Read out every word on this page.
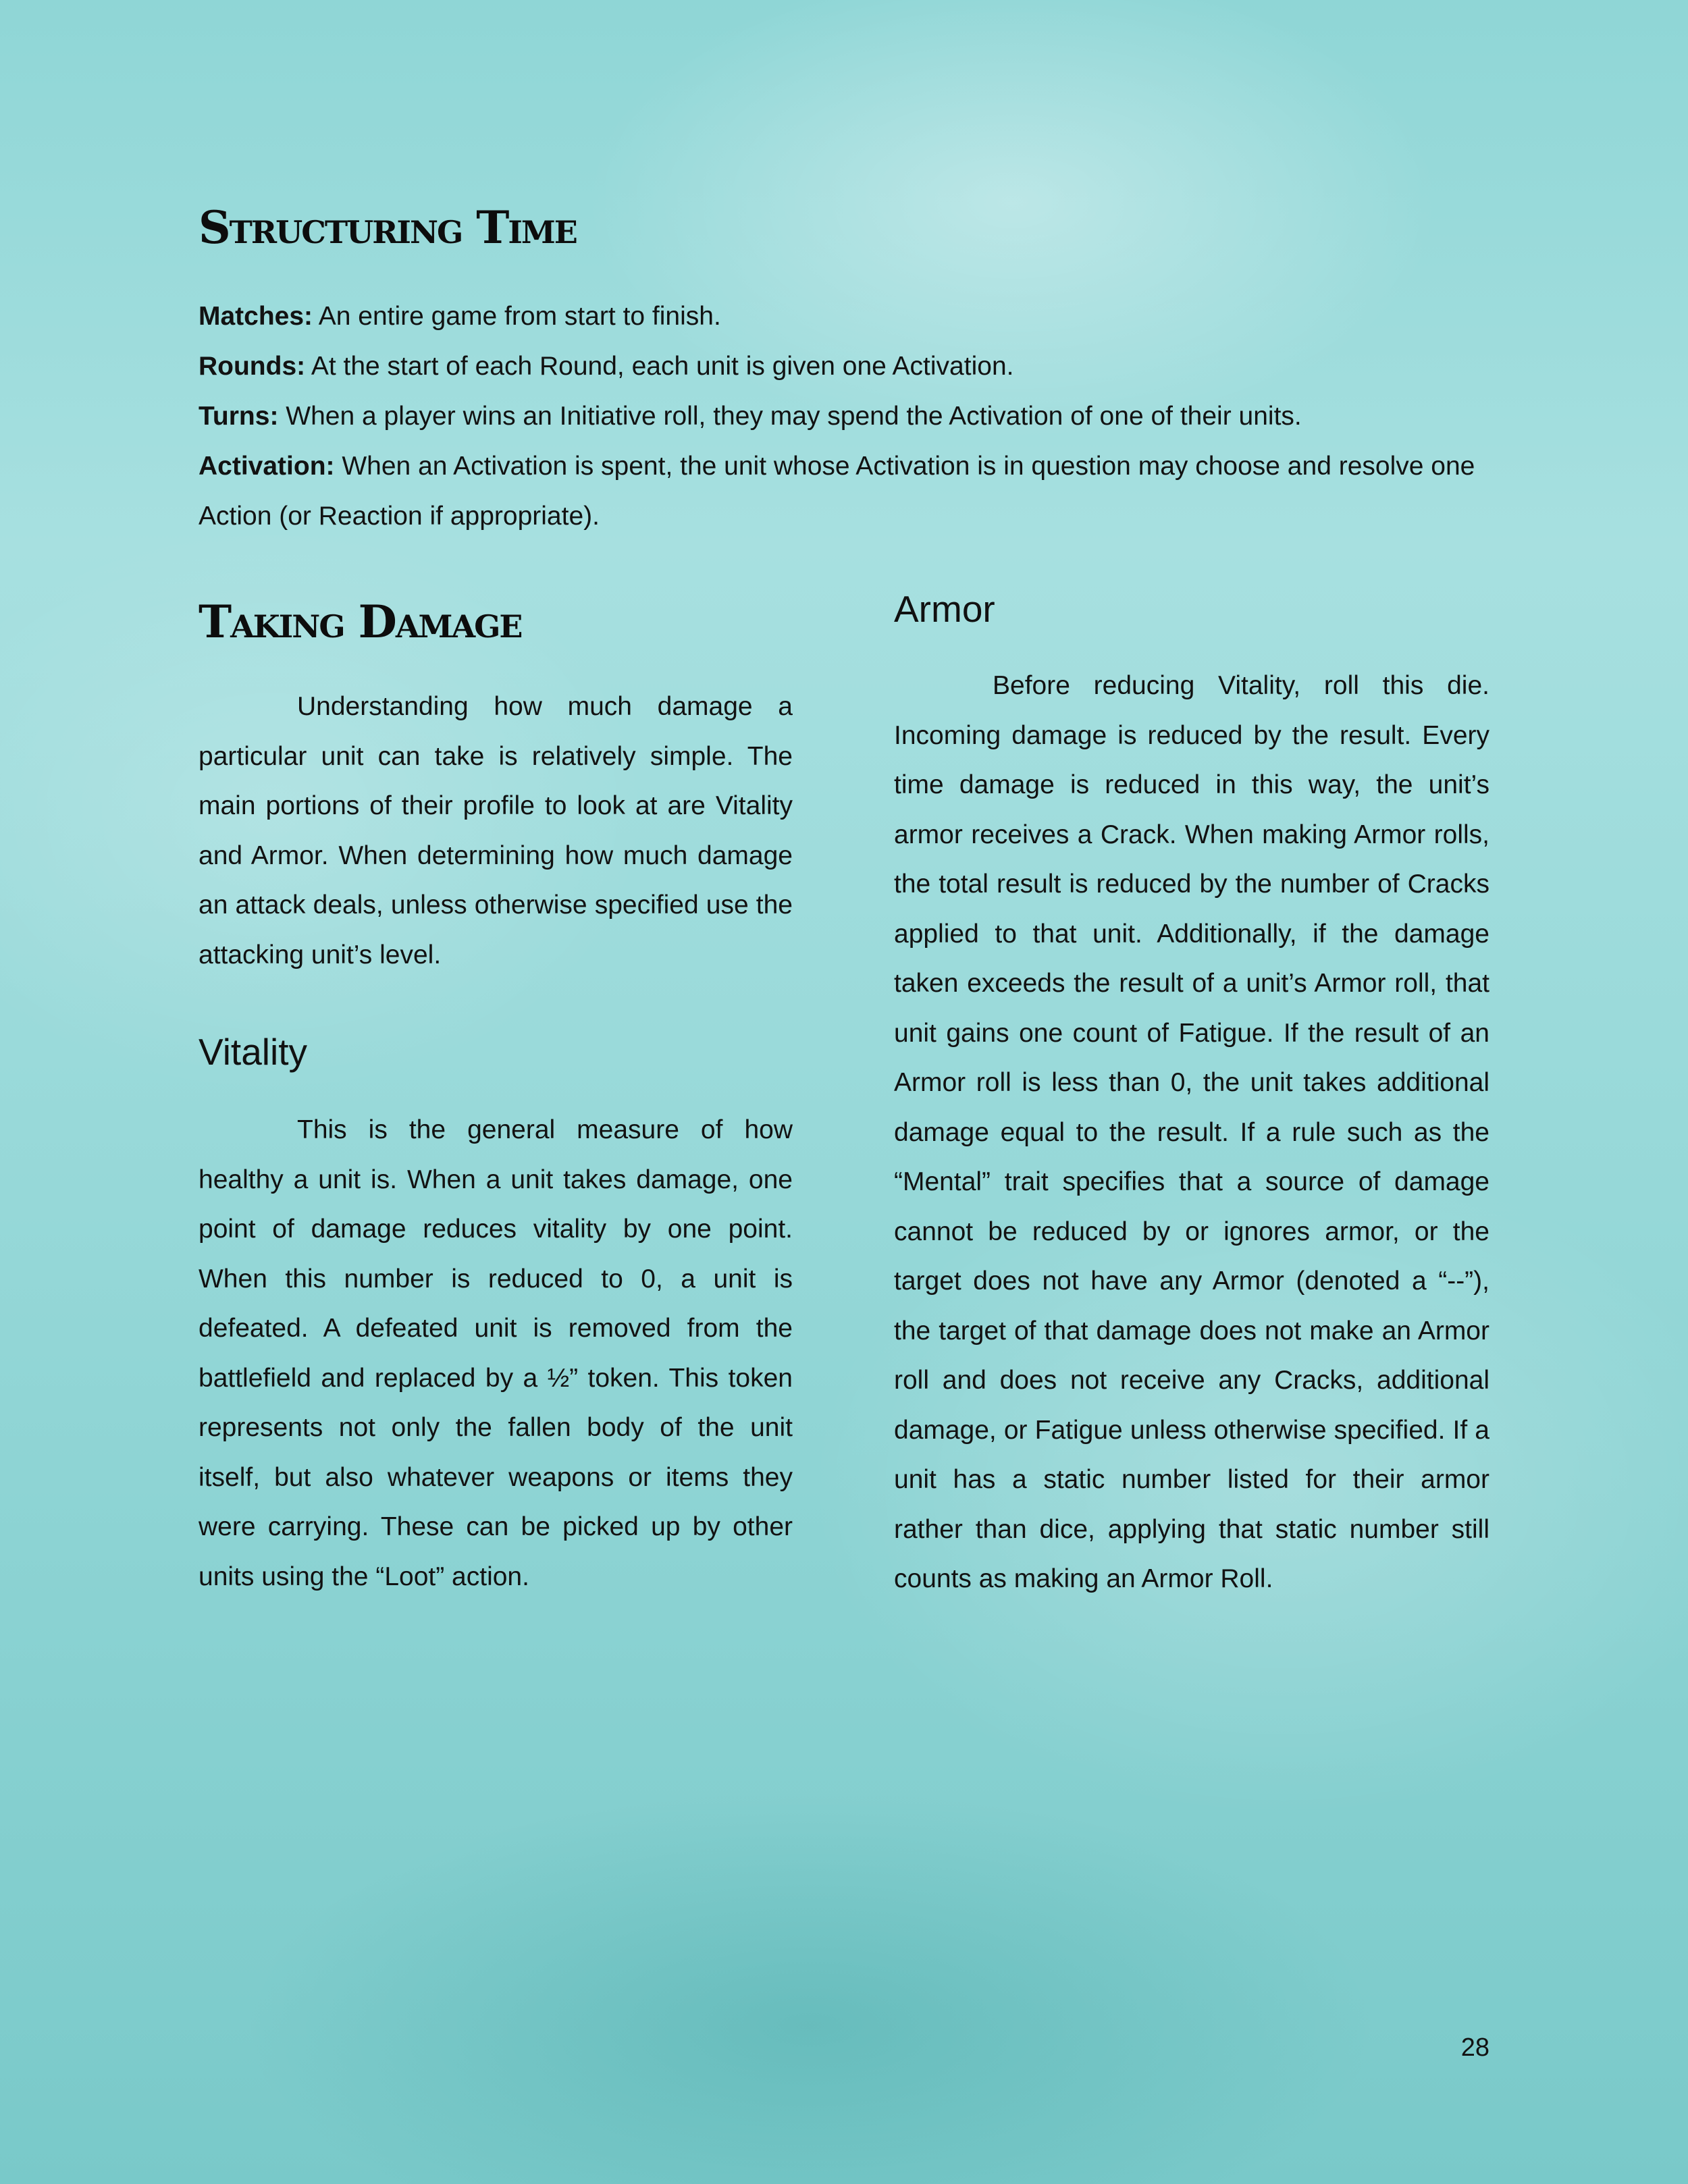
Structuring Time

Matches: An entire game from start to finish.

Rounds: At the start of each Round, each unit is given one Activation.

Turns: When a player wins an Initiative roll, they may spend the Activation of one of their units.

Activation: When an Activation is spent, the unit whose Activation is in question may choose and resolve one Action (or Reaction if appropriate).

Taking Damage

Understanding how much damage a particular unit can take is relatively simple. The main portions of their profile to look at are Vitality and Armor. When determining how much damage an attack deals, unless otherwise specified use the attacking unit’s level.

Vitality

This is the general measure of how healthy a unit is. When a unit takes damage, one point of damage reduces vitality by one point. When this number is reduced to 0, a unit is defeated. A defeated unit is removed from the battlefield and replaced by a ½” token. This token represents not only the fallen body of the unit itself, but also whatever weapons or items they were carrying. These can be picked up by other units using the “Loot” action.

Armor

Before reducing Vitality, roll this die. Incoming damage is reduced by the result. Every time damage is reduced in this way, the unit’s armor receives a Crack. When making Armor rolls, the total result is reduced by the number of Cracks applied to that unit. Additionally, if the damage taken exceeds the result of a unit’s Armor roll, that unit gains one count of Fatigue. If the result of an Armor roll is less than 0, the unit takes additional damage equal to the result. If a rule such as the “Mental” trait specifies that a source of damage cannot be reduced by or ignores armor, or the target does not have any Armor (denoted a “--”), the target of that damage does not make an Armor roll and does not receive any Cracks, additional damage, or Fatigue unless otherwise specified. If a unit has a static number listed for their armor rather than dice, applying that static number still counts as making an Armor Roll.

28
